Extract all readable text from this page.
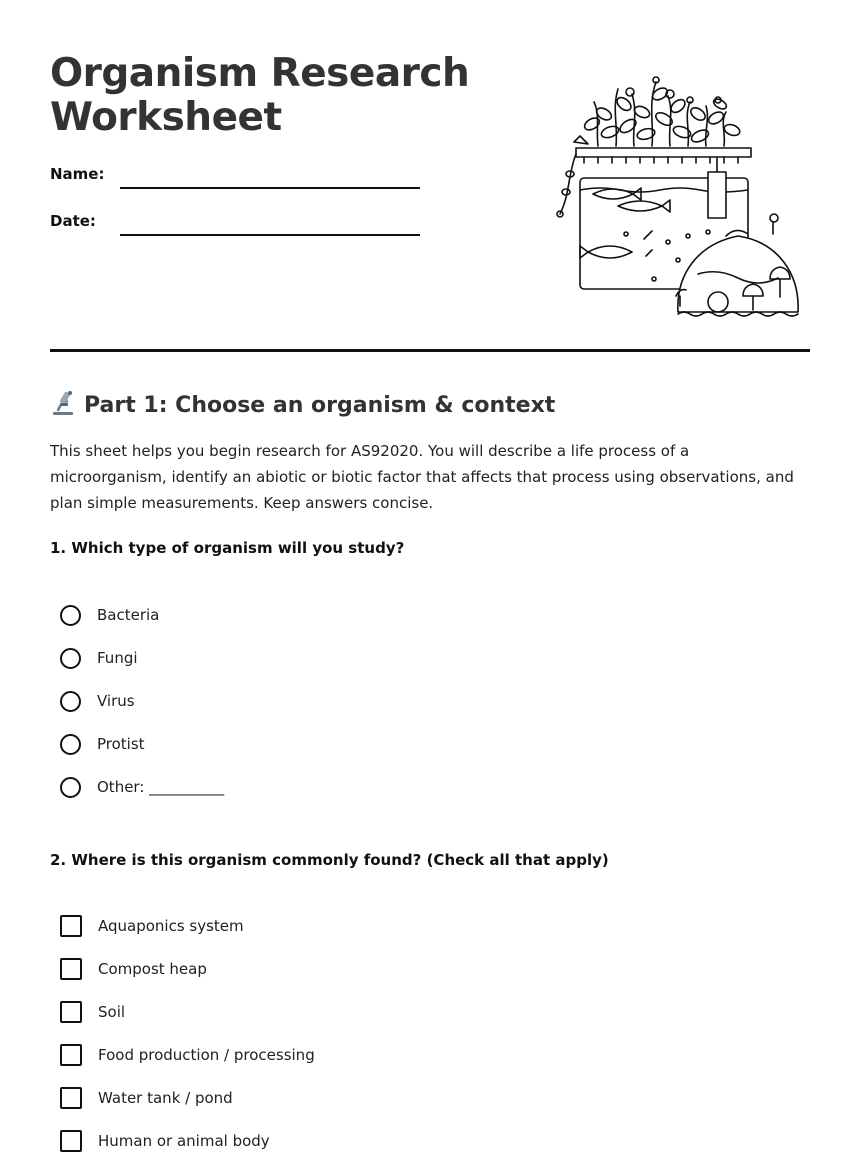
Organism Research
Worksheet
Name:
Date:
Part 1: Choose an organism & context

This sheet helps you begin research for AS92020. You will describe a life process of a microorganism, identify an abiotic or biotic factor that affects that process using observations, and plan simple measurements. Keep answers concise.

1. Which type of organism will you study?

Bacteria
Fungi
Virus
Protist
Other: __________

2. Where is this organism commonly found? (Check all that apply)

Aquaponics system
Compost heap
Soil
Food production / processing
Water tank / pond
Human or animal body
